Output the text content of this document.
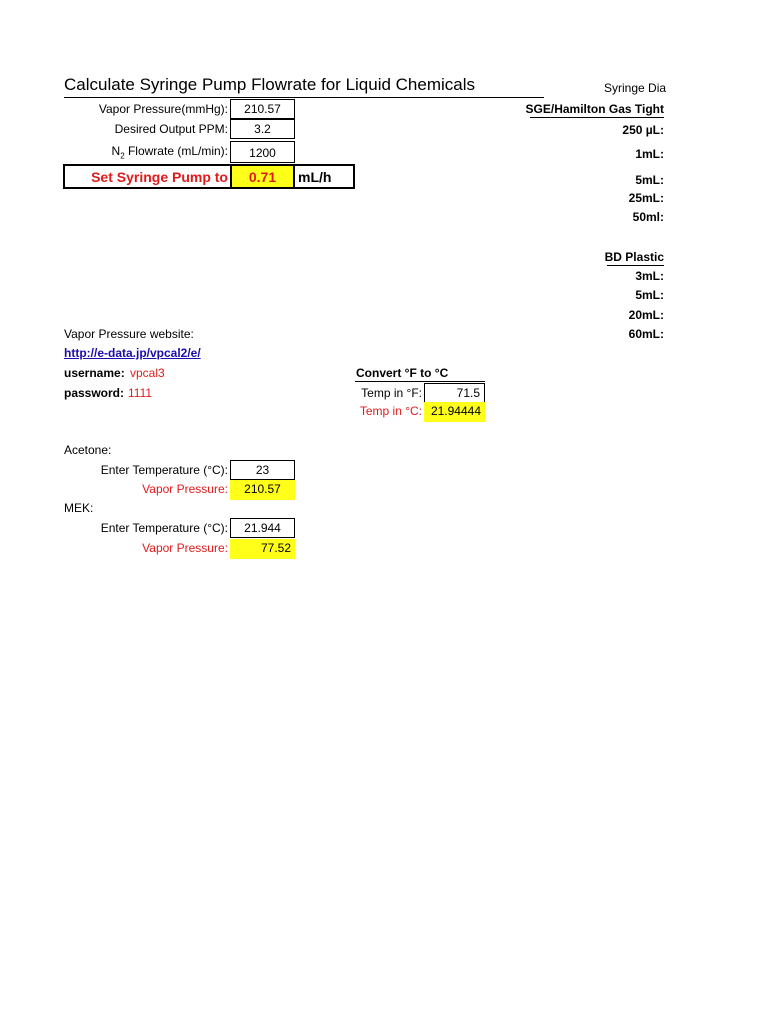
Calculate Syringe Pump Flowrate for Liquid Chemicals
Vapor Pressure(mmHg):	210.57
Desired Output PPM:	3.2
$N_2$ Flowrate (mL/min):	1200
Set Syringe Pump to	0.71	mL/h
Syringe Dia
SGE/Hamilton Gas Tight
250 µL:
1mL:
5mL:
25mL:
50ml:
BD Plastic
3mL:
5mL:
20mL:
60mL:
Vapor Pressure website:
http://e-data.jp/vpcal2/e/
username: vpcal3
password: 1111
Convert °F to °C
Temp in °F:	71.5
Temp in °C: 21.94444
Acetone:
Enter Temperature (°C):	23
Vapor Pressure:	210.57
MEK:
Enter Temperature (°C):	21.944
Vapor Pressure:	77.52
